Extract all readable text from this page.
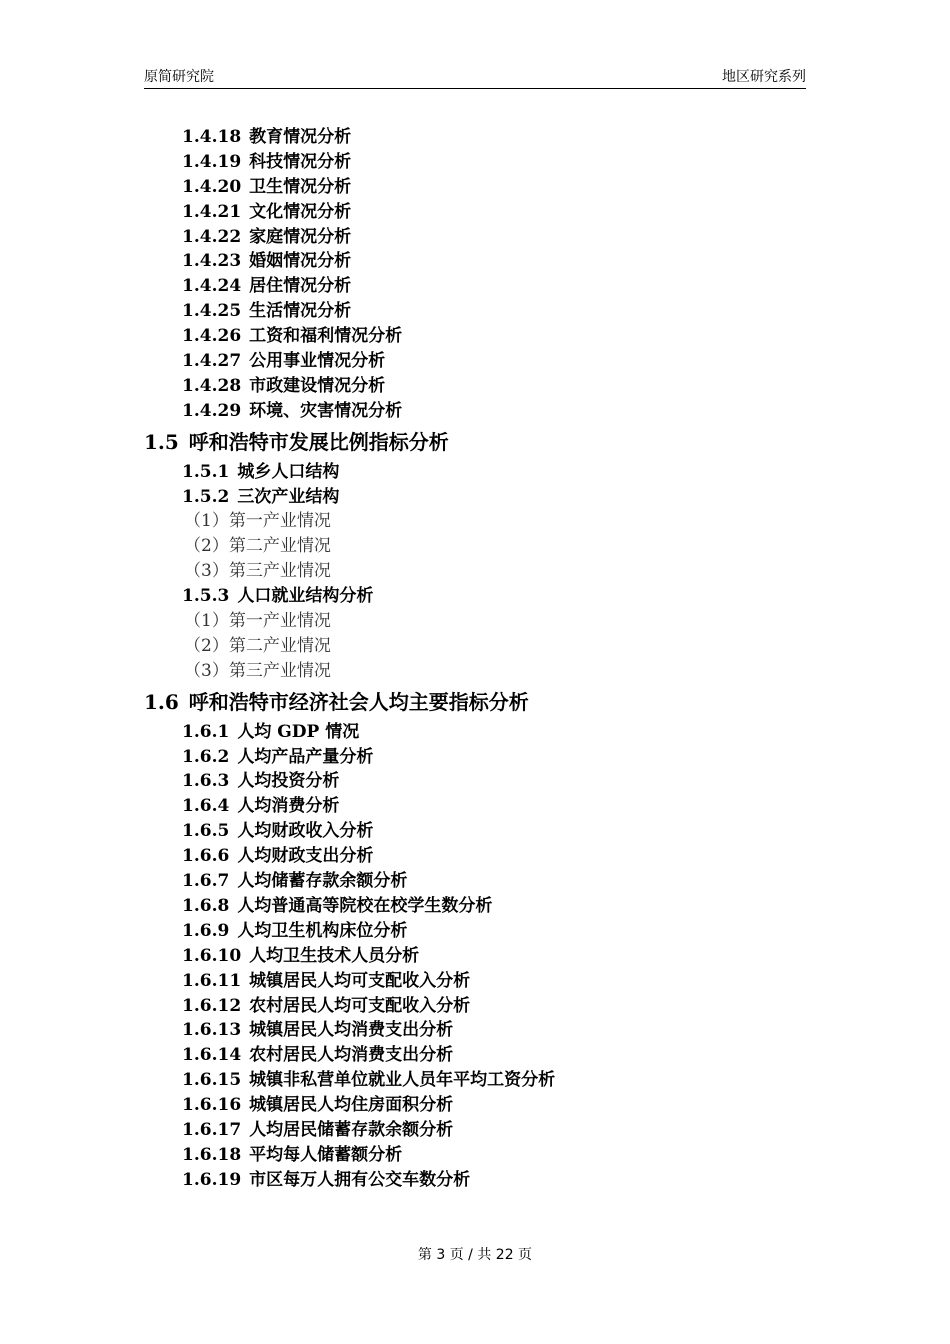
原简研究院	地区研究系列
1.4.18 教育情况分析
1.4.19 科技情况分析
1.4.20 卫生情况分析
1.4.21 文化情况分析
1.4.22 家庭情况分析
1.4.23 婚姻情况分析
1.4.24 居住情况分析
1.4.25 生活情况分析
1.4.26 工资和福利情况分析
1.4.27 公用事业情况分析
1.4.28 市政建设情况分析
1.4.29 环境、灾害情况分析
1.5 呼和浩特市发展比例指标分析
1.5.1 城乡人口结构
1.5.2 三次产业结构
（1）第一产业情况
（2）第二产业情况
（3）第三产业情况
1.5.3 人口就业结构分析
（1）第一产业情况
（2）第二产业情况
（3）第三产业情况
1.6 呼和浩特市经济社会人均主要指标分析
1.6.1 人均 GDP 情况
1.6.2 人均产品产量分析
1.6.3 人均投资分析
1.6.4 人均消费分析
1.6.5 人均财政收入分析
1.6.6 人均财政支出分析
1.6.7 人均储蓄存款余额分析
1.6.8 人均普通高等院校在校学生数分析
1.6.9 人均卫生机构床位分析
1.6.10 人均卫生技术人员分析
1.6.11 城镇居民人均可支配收入分析
1.6.12 农村居民人均可支配收入分析
1.6.13 城镇居民人均消费支出分析
1.6.14 农村居民人均消费支出分析
1.6.15 城镇非私营单位就业人员年平均工资分析
1.6.16 城镇居民人均住房面积分析
1.6.17 人均居民储蓄存款余额分析
1.6.18 平均每人储蓄额分析
1.6.19 市区每万人拥有公交车数分析
第 3 页 / 共 22 页
